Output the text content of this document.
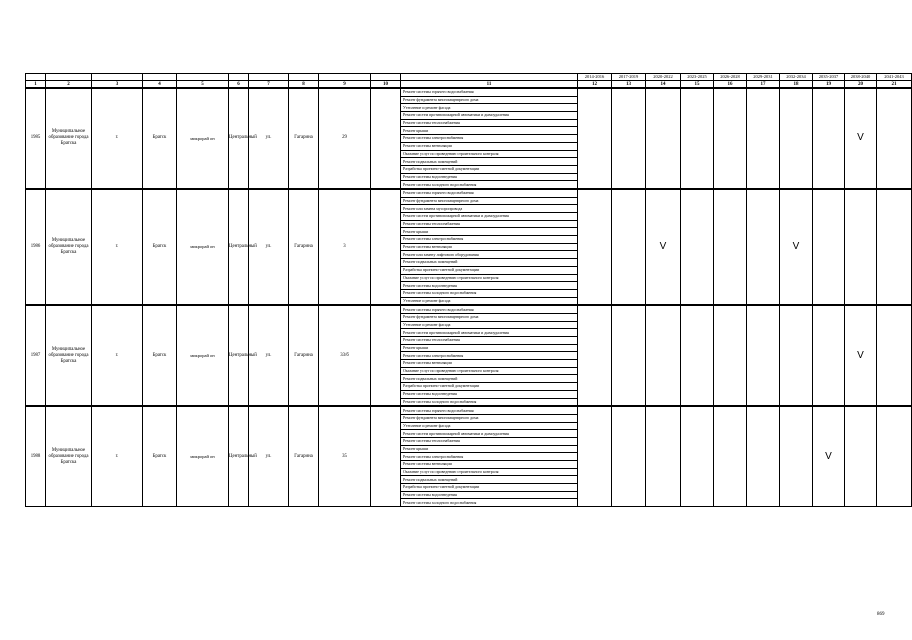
											2014-2016	2017-2019	2020-2022	2023-2025	2026-2028	2029-2031	2032-2034	2035-2037	2038-2040	2041-2043
1	2	3	4	5	6	7	8	9	10	11	12	13	14	15	16	17	18	19	20	21
1985	Муниципальное образование города Братска	г.	Братск	микрорай он	Центральный	ул.	Гагарина	29		Ремонт системы горячего водоснабжения									V	
										Ремонт фундамента многоквартирного дома										
										Утепление и ремонт фасада										
										Ремонт систем противопожарной автоматики и дымоудаления										
										Ремонт системы теплоснабжения										
										Ремонт крыши										
										Ремонт системы электроснабжения										
										Ремонт системы вентиляции										
										Оказание услуг по проведению строительного контроля										
										Ремонт подвальных помещений										
										Разработка проектно-сметной документации										
										Ремонт системы водоотведения										
										Ремонт системы холодного водоснабжения										

1986	Муниципальное образование города Братска	г.	Братск	микрорай он	Центральный	ул.	Гагарина	3		Ремонт системы горячего водоснабжения			V				V			
										Ремонт фундамента многоквартирного дома										
										Ремонт или замена мусоропровода										
										Ремонт систем противопожарной автоматики и дымоудаления										
										Ремонт системы теплоснабжения										
										Ремонт крыши										
										Ремонт системы электроснабжения										
										Ремонт системы вентиляции										
										Ремонт или замену лифтового оборудования										
										Ремонт подвальных помещений										
										Разработка проектно-сметной документации										
										Оказание услуг по проведению строительного контроля										
										Ремонт системы водоотведения										
										Ремонт системы холодного водоснабжения										
										Утепление и ремонт фасада										

1987	Муниципальное образование города Братска	г.	Братск	микрорай он	Центральный	ул.	Гагарина	33/б		Ремонт системы горячего водоснабжения									V	
										Ремонт фундамента многоквартирного дома										
										Утепление и ремонт фасада										
										Ремонт систем противопожарной автоматики и дымоудаления										
										Ремонт системы теплоснабжения										
										Ремонт крыши										
										Ремонт системы электроснабжения										
										Ремонт системы вентиляции										
										Оказание услуг по проведению строительного контроля										
										Ремонт подвальных помещений										
										Разработка проектно-сметной документации										
										Ремонт системы водоотведения										
										Ремонт системы холодного водоснабжения										

1988	Муниципальное образование города Братска	г.	Братск	микрорай он	Центральный	ул.	Гагарина	35		Ремонт системы горячего водоснабжения								V		
										Ремонт фундамента многоквартирного дома										
										Утепление и ремонт фасада										
										Ремонт систем противопожарной автоматики и дымоудаления										
										Ремонт системы теплоснабжения										
										Ремонт крыши										
										Ремонт системы электроснабжения										
										Ремонт системы вентиляции										
										Оказание услуг по проведению строительного контроля										
										Ремонт подвальных помещений										
										Разработка проектно-сметной документации										
										Ремонт системы водоотведения										
										Ремонт системы холодного водоснабжения										
869
